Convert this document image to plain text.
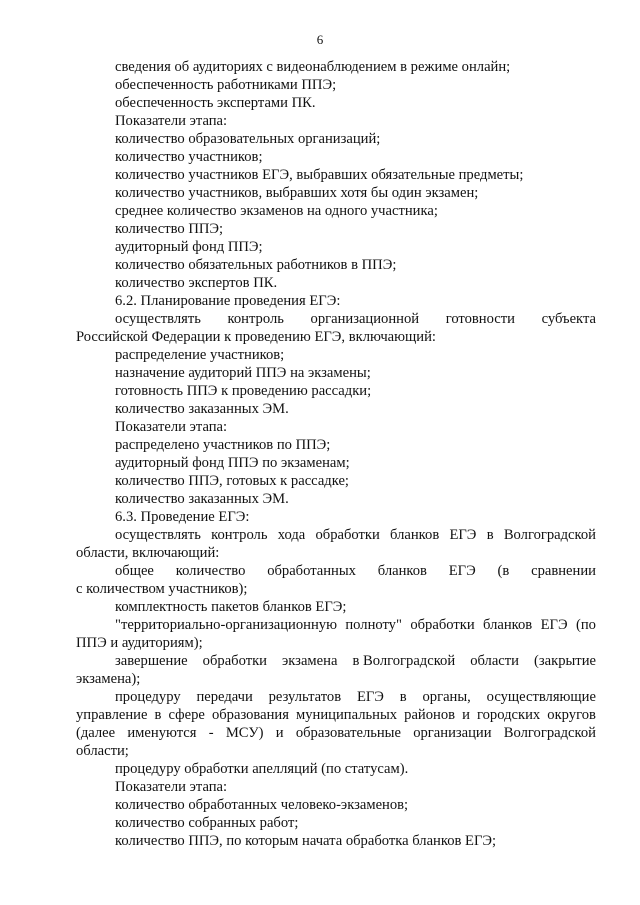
6
сведения об аудиториях с видеонаблюдением в режиме онлайн;
обеспеченность работниками ППЭ;
обеспеченность экспертами ПК.
Показатели этапа:
количество образовательных организаций;
количество участников;
количество участников ЕГЭ, выбравших обязательные предметы;
количество участников, выбравших хотя бы один экзамен;
среднее количество экзаменов на одного участника;
количество ППЭ;
аудиторный фонд ППЭ;
количество обязательных работников в ППЭ;
количество экспертов ПК.
6.2. Планирование проведения ЕГЭ:
осуществлять контроль организационной готовности субъекта
Российской Федерации к проведению ЕГЭ, включающий:
распределение участников;
назначение аудиторий ППЭ на экзамены;
готовность ППЭ к проведению рассадки;
количество заказанных ЭМ.
Показатели этапа:
распределено участников по ППЭ;
аудиторный фонд ППЭ по экзаменам;
количество ППЭ, готовых к рассадке;
количество заказанных ЭМ.
6.3. Проведение ЕГЭ:
осуществлять контроль хода обработки бланков ЕГЭ в Волгоградской
области, включающий:
общее количество обработанных бланков ЕГЭ (в сравнении
с количеством участников);
комплектность пакетов бланков ЕГЭ;
"территориально-организационную полноту" обработки бланков ЕГЭ (по
ППЭ и аудиториям);
завершение обработки экзамена в Волгоградской области (закрытие
экзамена);
процедуру передачи результатов ЕГЭ в органы, осуществляющие
управление в сфере образования муниципальных районов и городских округов
(далее именуются - МСУ) и образовательные организации Волгоградской
области;
процедуру обработки апелляций (по статусам).
Показатели этапа:
количество обработанных человеко-экзаменов;
количество собранных работ;
количество ППЭ, по которым начата обработка бланков ЕГЭ;
